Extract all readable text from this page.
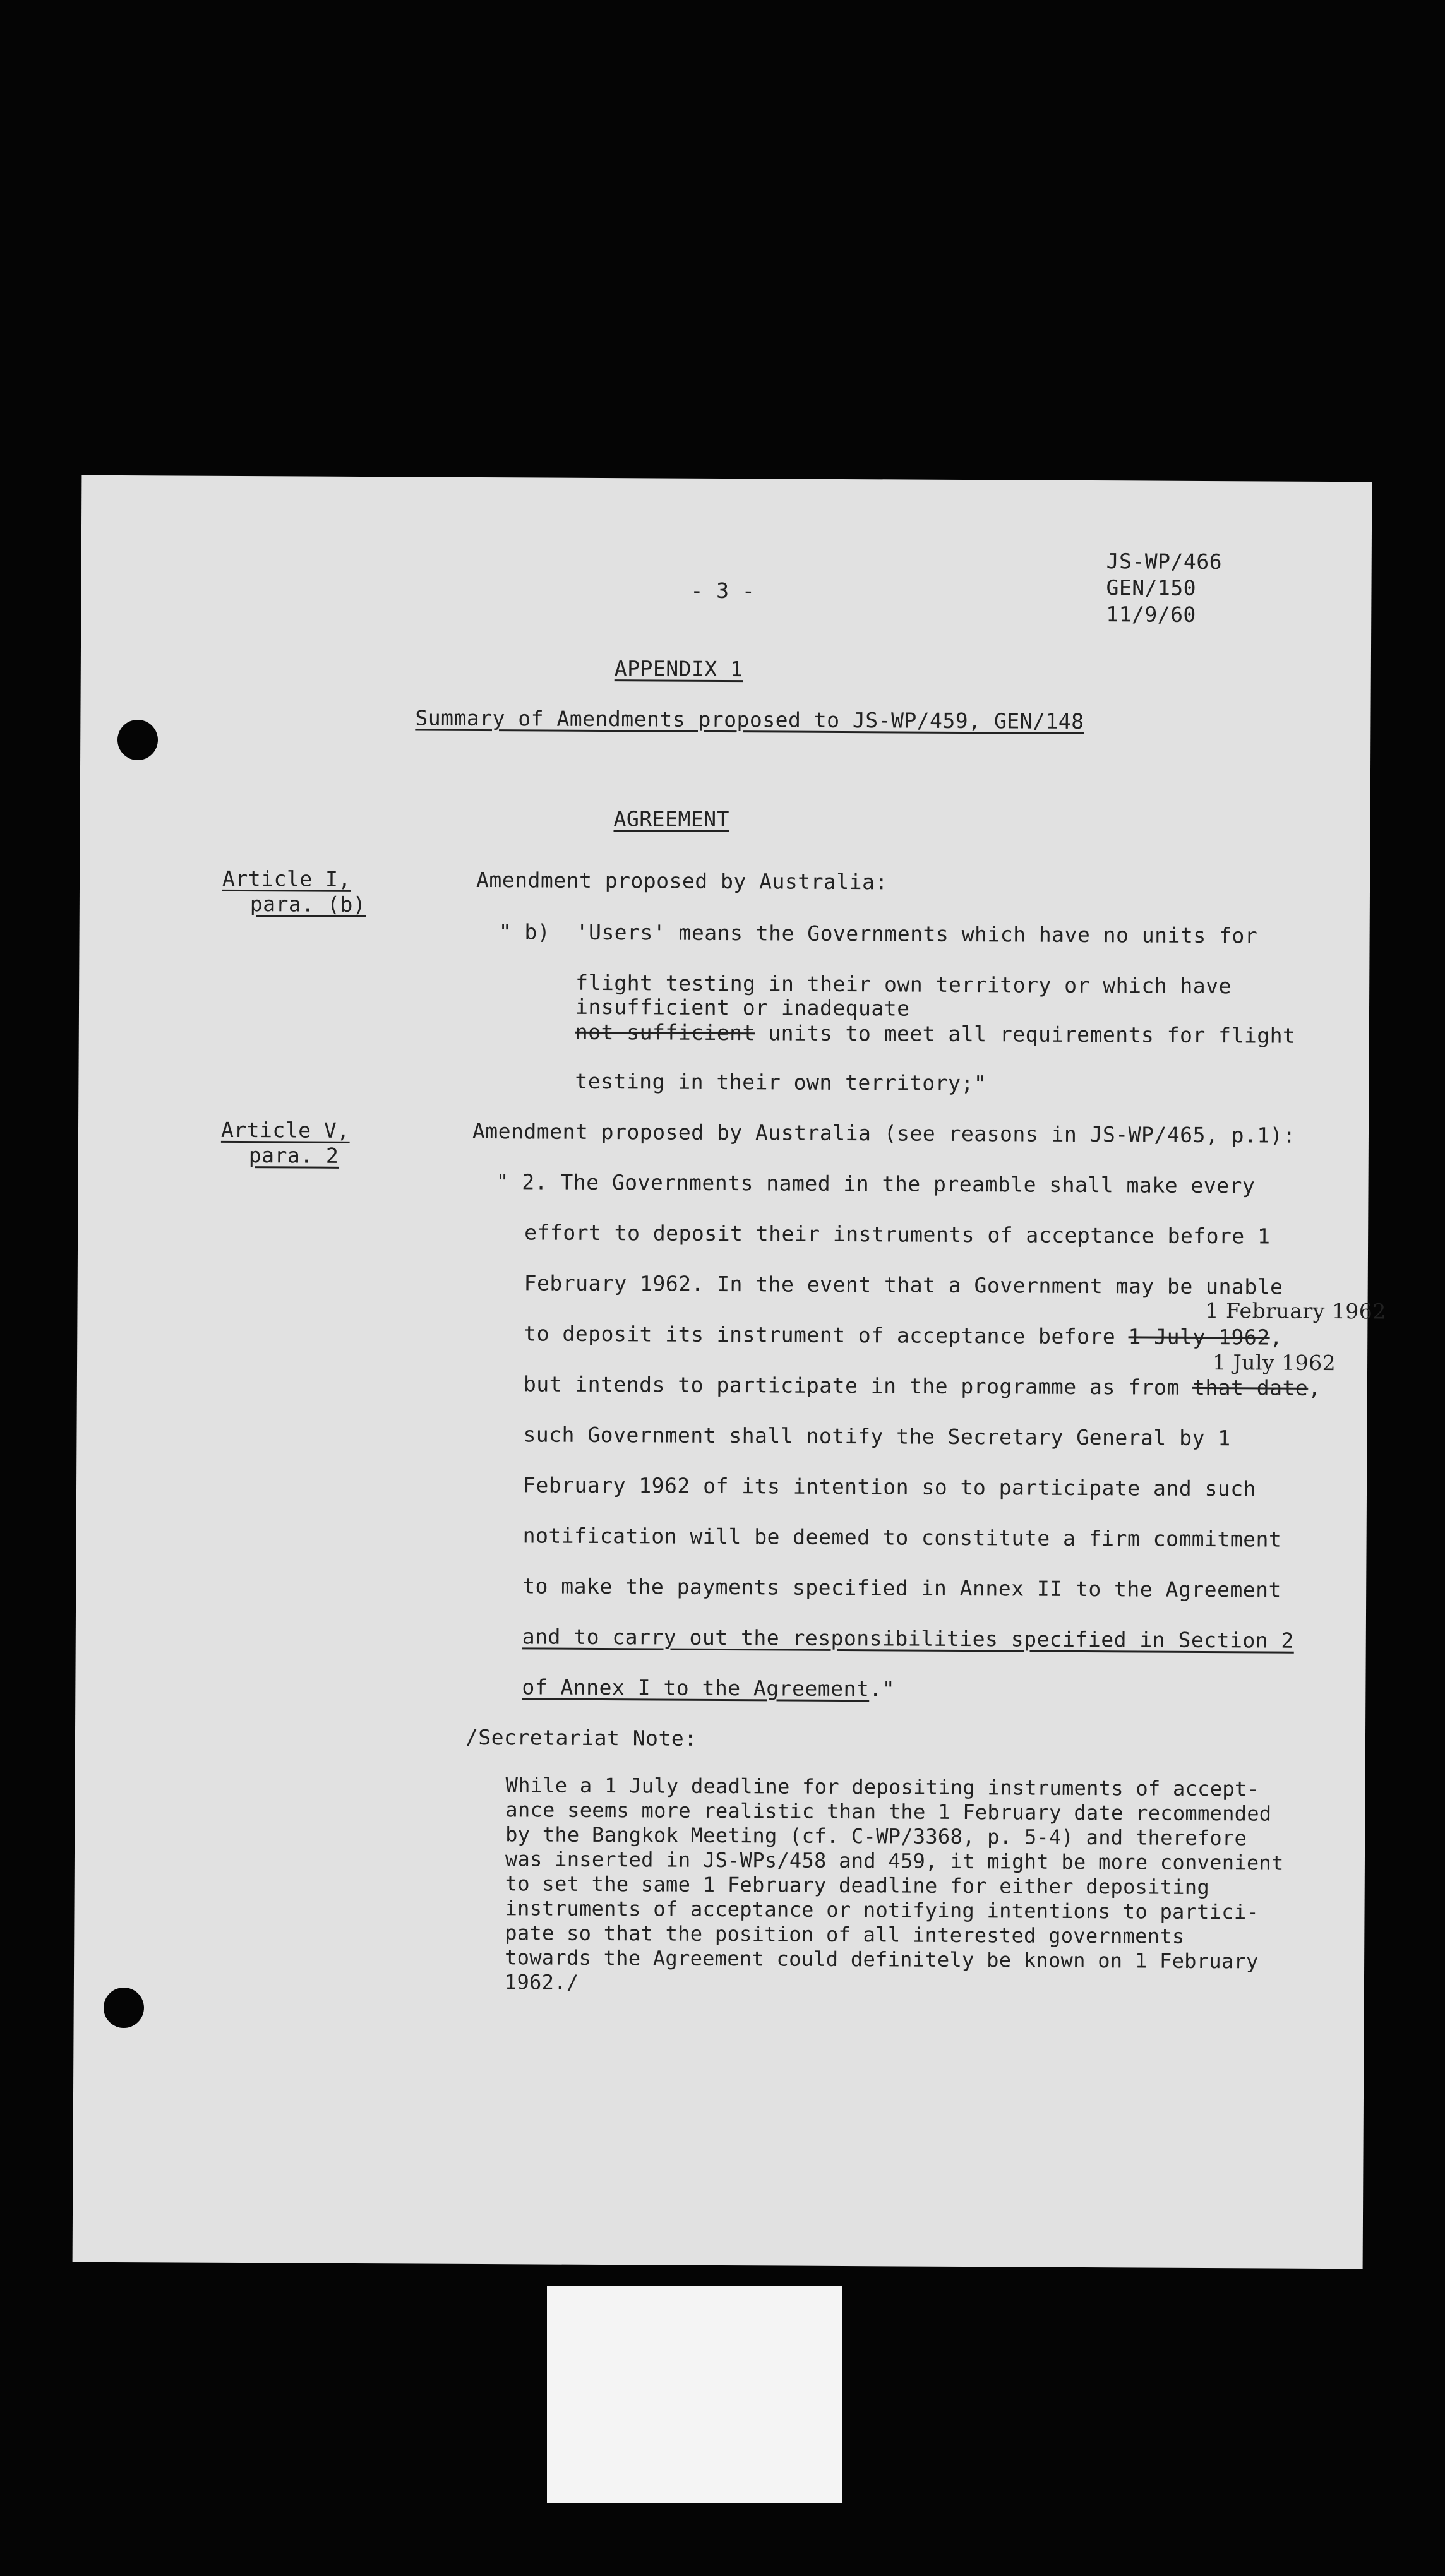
- 3 -
JS-WP/466
GEN/150
11/9/60
APPENDIX 1
Summary of Amendments proposed to JS-WP/459, GEN/148
AGREEMENT
Article I,
para. (b)
Amendment proposed by Australia:
" b) 'Users' means the Governments which have no units for
flight testing in their own territory or which have
insufficient or inadequate
not sufficient units to meet all requirements for flight
testing in their own territory;"
Article V,
para. 2
Amendment proposed by Australia (see reasons in JS-WP/465, p.1):
" 2. The Governments named in the preamble shall make every
effort to deposit their instruments of acceptance before 1
February 1962. In the event that a Government may be unable
1 February 1962
to deposit its instrument of acceptance before 1 July 1962,
1 July 1962
but intends to participate in the programme as from that date,
such Government shall notify the Secretary General by 1
February 1962 of its intention so to participate and such
notification will be deemed to constitute a firm commitment
to make the payments specified in Annex II to the Agreement
and to carry out the responsibilities specified in Section 2
of Annex I to the Agreement."
/Secretariat Note:
While a 1 July deadline for depositing instruments of accept-
ance seems more realistic than the 1 February date recommended
by the Bangkok Meeting (cf. C-WP/3368, p. 5-4) and therefore
was inserted in JS-WPs/458 and 459, it might be more convenient
to set the same 1 February deadline for either depositing
instruments of acceptance or notifying intentions to partici-
pate so that the position of all interested governments
towards the Agreement could definitely be known on 1 February
1962./
